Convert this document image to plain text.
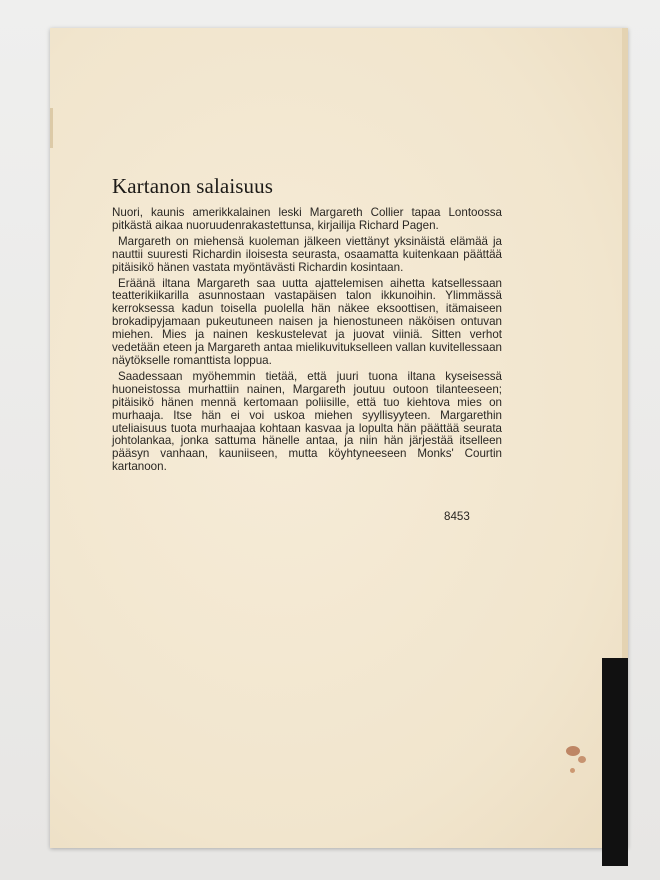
Kartanon salaisuus

Nuori, kaunis amerikkalainen leski Margareth Collier tapaa Lontoossa pitkästä aikaa nuoruudenrakastettunsa, kirjailija Richard Pagen.

Margareth on miehensä kuoleman jälkeen viettänyt yksinäistä elämää ja nauttii suuresti Richardin iloisesta seurasta, osaamatta kuitenkaan päättää pitäisikö hänen vastata myöntävästi Richardin kosintaan.

Eräänä iltana Margareth saa uutta ajattelemisen aihetta katsellessaan teatterikiikarilla asunnostaan vastapäisen talon ikkunoihin. Ylimmässä kerroksessa kadun toisella puolella hän näkee eksoottisen, itämaiseen brokadipyjamaan pukeutuneen naisen ja hienostuneen näköisen ontuvan miehen. Mies ja nainen keskustelevat ja juovat viiniä. Sitten verhot vedetään eteen ja Margareth antaa mielikuvitukselleen vallan kuvitellessaan näytökselle romanttista loppua.

Saadessaan myöhemmin tietää, että juuri tuona iltana kyseisessä huoneistossa murhattiin nainen, Margareth joutuu outoon tilanteeseen; pitäisikö hänen mennä kertomaan poliisille, että tuo kiehtova mies on murhaaja. Itse hän ei voi uskoa miehen syyllisyyteen. Margarethin uteliaisuus tuota murhaajaa kohtaan kasvaa ja lopulta hän päättää seurata johtolankaa, jonka sattuma hänelle antaa, ja niin hän järjestää itselleen pääsyn vanhaan, kauniiseen, mutta köyhtyneeseen Monks' Courtin kartanoon.

8453
